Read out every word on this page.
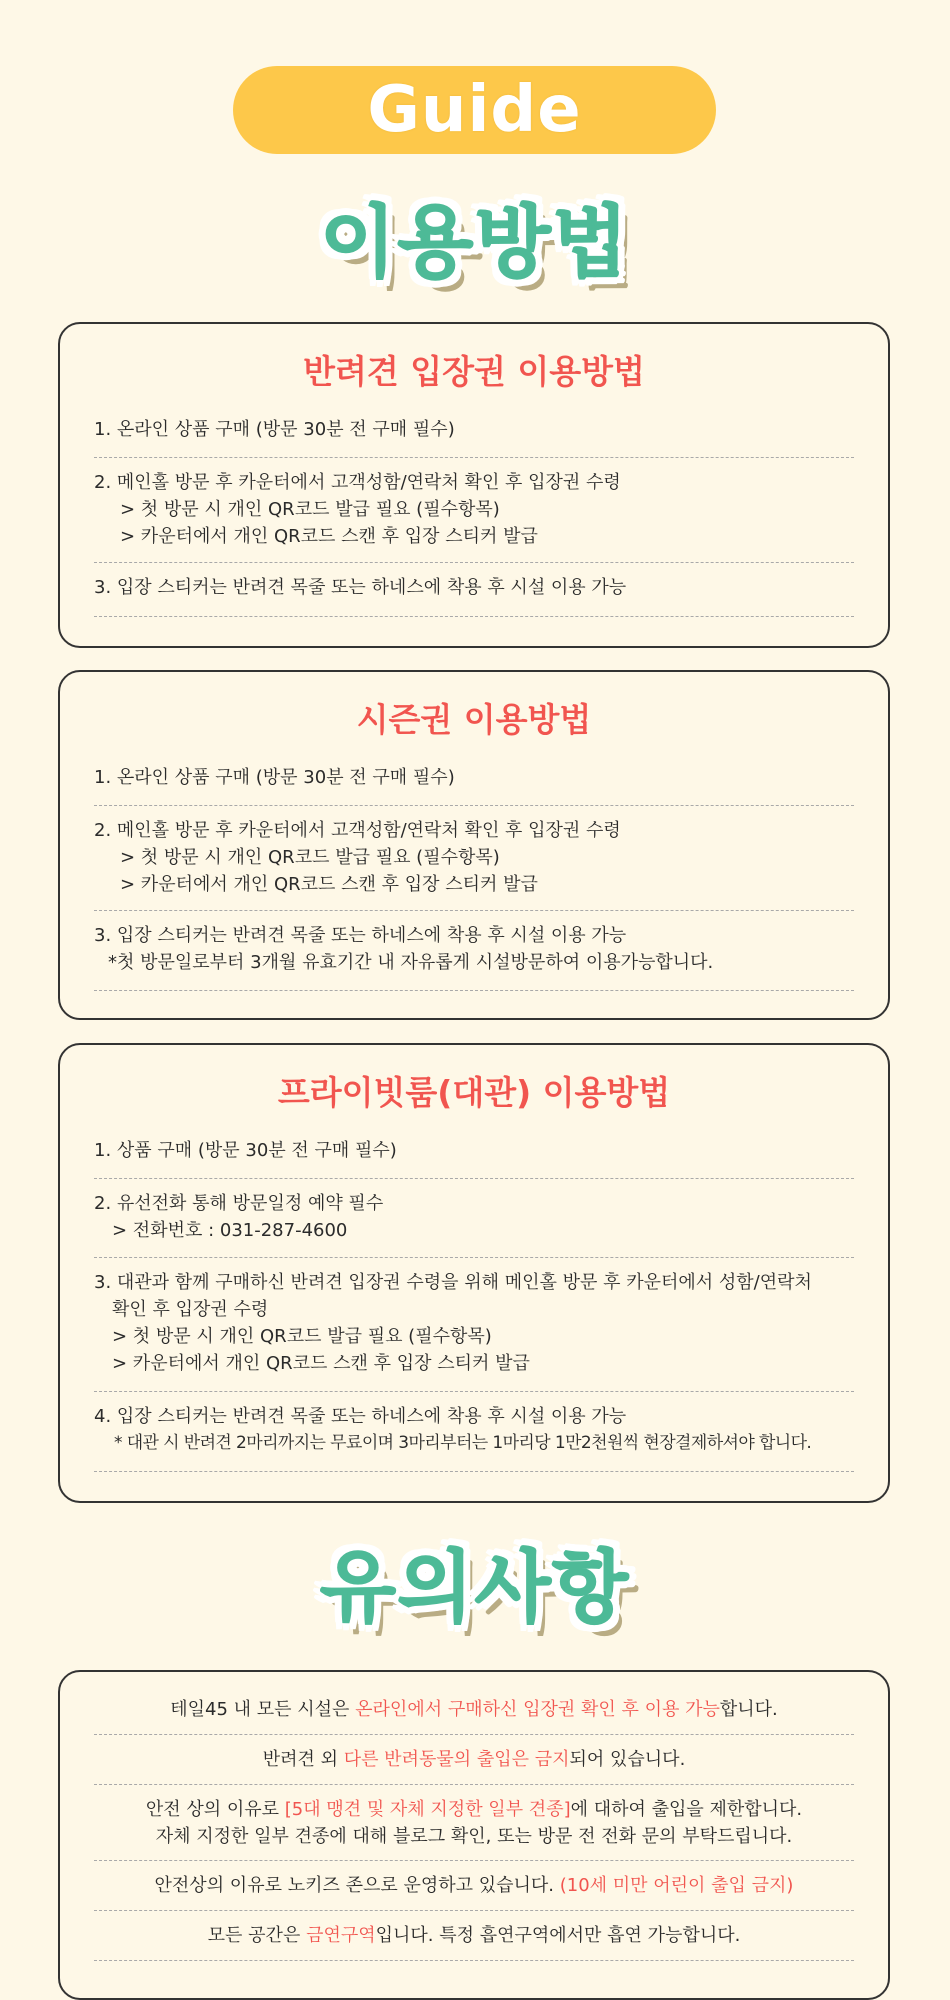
Guide
이용방법
반려견 입장권 이용방법
1. 온라인 상품 구매 (방문 30분 전 구매 필수)
2. 메인홀 방문 후 카운터에서 고객성함/연락처 확인 후 입장권 수령
> 첫 방문 시 개인 QR코드 발급 필요 (필수항목)
> 카운터에서 개인 QR코드 스캔 후 입장 스티커 발급
3. 입장 스티커는 반려견 목줄 또는 하네스에 착용 후 시설 이용 가능
시즌권 이용방법
1. 온라인 상품 구매 (방문 30분 전 구매 필수)
2. 메인홀 방문 후 카운터에서 고객성함/연락처 확인 후 입장권 수령
> 첫 방문 시 개인 QR코드 발급 필요 (필수항목)
> 카운터에서 개인 QR코드 스캔 후 입장 스티커 발급
3. 입장 스티커는 반려견 목줄 또는 하네스에 착용 후 시설 이용 가능
*첫 방문일로부터 3개월 유효기간 내 자유롭게 시설방문하여 이용가능합니다.
프라이빗룸(대관) 이용방법
1. 상품 구매 (방문 30분 전 구매 필수)
2. 유선전화 통해 방문일정 예약 필수
> 전화번호 : 031-287-4600
3. 대관과 함께 구매하신 반려견 입장권 수령을 위해 메인홀 방문 후 카운터에서 성함/연락처
확인 후 입장권 수령
> 첫 방문 시 개인 QR코드 발급 필요 (필수항목)
> 카운터에서 개인 QR코드 스캔 후 입장 스티커 발급
4. 입장 스티커는 반려견 목줄 또는 하네스에 착용 후 시설 이용 가능
* 대관 시 반려견 2마리까지는 무료이며 3마리부터는 1마리당 1만2천원씩 현장결제하셔야 합니다.
유의사항
테일45 내 모든 시설은 온라인에서 구매하신 입장권 확인 후 이용 가능합니다.
반려견 외 다른 반려동물의 출입은 금지되어 있습니다.
안전 상의 이유로 [5대 맹견 및 자체 지정한 일부 견종]에 대하여 출입을 제한합니다.
자체 지정한 일부 견종에 대해 블로그 확인, 또는 방문 전 전화 문의 부탁드립니다.
안전상의 이유로 노키즈 존으로 운영하고 있습니다. (10세 미만 어린이 출입 금지)
모든 공간은 금연구역입니다. 특정 흡연구역에서만 흡연 가능합니다.
